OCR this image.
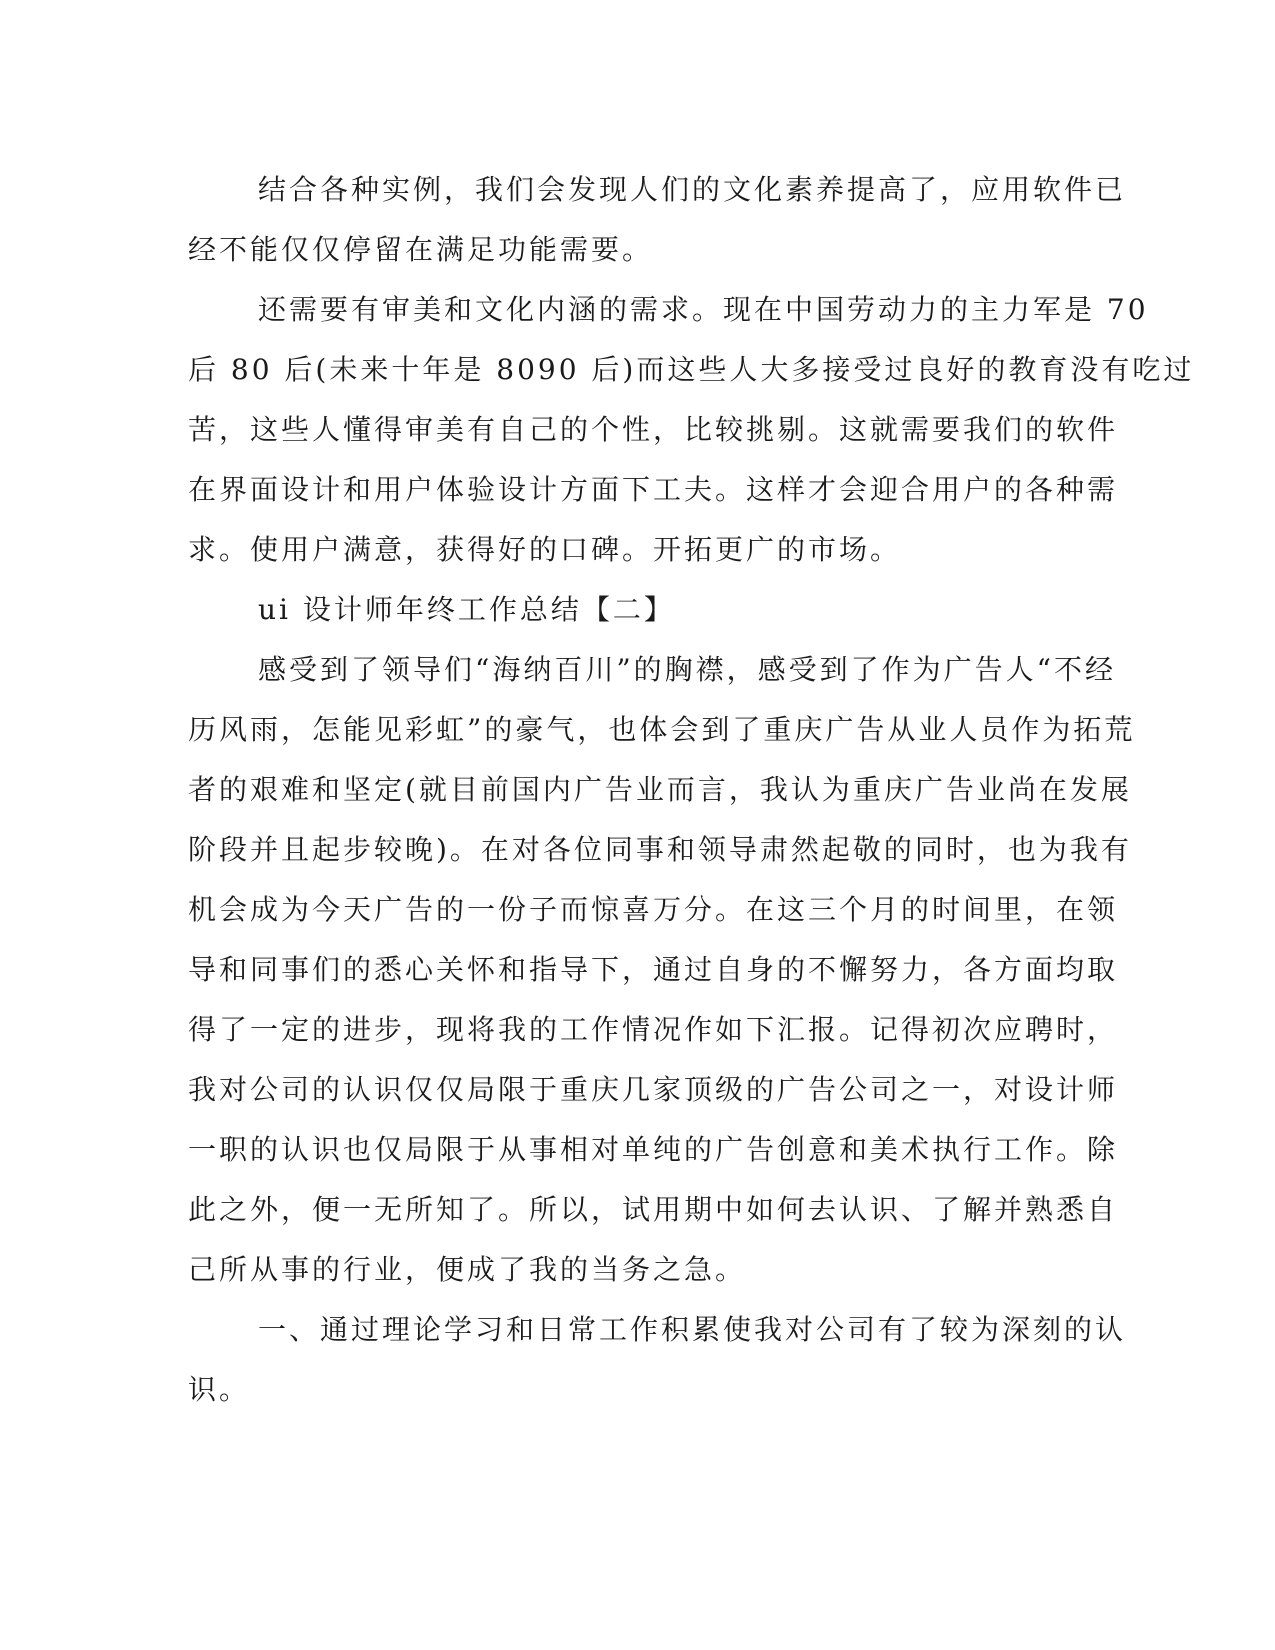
结合各种实例，我们会发现人们的文化素养提高了，应用软件已
经不能仅仅停留在满足功能需要。
还需要有审美和文化内涵的需求。现在中国劳动力的主力军是 70
后 80 后(未来十年是 8090 后)而这些人大多接受过良好的教育没有吃过
苦，这些人懂得审美有自己的个性，比较挑剔。这就需要我们的软件
在界面设计和用户体验设计方面下工夫。这样才会迎合用户的各种需
求。使用户满意，获得好的口碑。开拓更广的市场。
ui 设计师年终工作总结【二】
感受到了领导们“海纳百川”的胸襟，感受到了作为广告人“不经
历风雨，怎能见彩虹”的豪气，也体会到了重庆广告从业人员作为拓荒
者的艰难和坚定(就目前国内广告业而言，我认为重庆广告业尚在发展
阶段并且起步较晚)。在对各位同事和领导肃然起敬的同时，也为我有
机会成为今天广告的一份子而惊喜万分。在这三个月的时间里，在领
导和同事们的悉心关怀和指导下，通过自身的不懈努力，各方面均取
得了一定的进步，现将我的工作情况作如下汇报。记得初次应聘时，
我对公司的认识仅仅局限于重庆几家顶级的广告公司之一，对设计师
一职的认识也仅局限于从事相对单纯的广告创意和美术执行工作。除
此之外，便一无所知了。所以，试用期中如何去认识、了解并熟悉自
己所从事的行业，便成了我的当务之急。
一、通过理论学习和日常工作积累使我对公司有了较为深刻的认
识。
